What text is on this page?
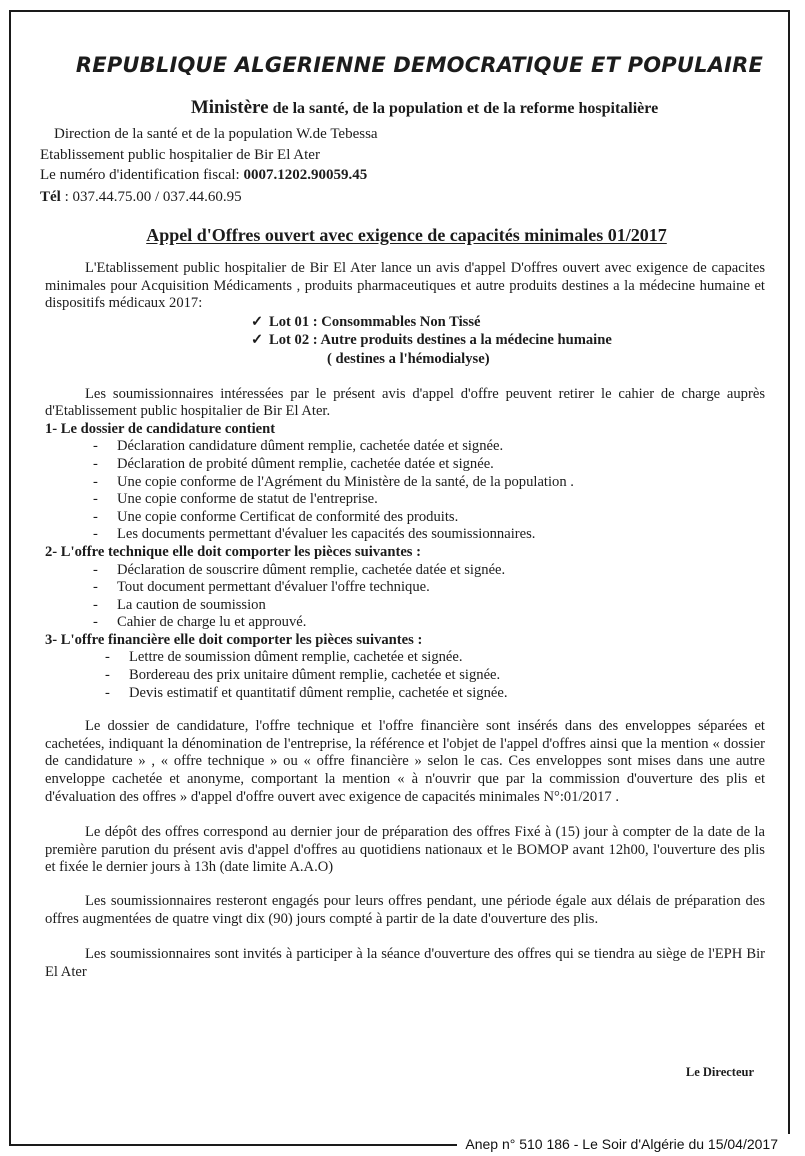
REPUBLIQUE ALGERIENNE DEMOCRATIQUE ET POPULAIRE
Ministère de la santé, de la population et de la reforme hospitalière
Direction de la santé et de la population W.de Tebessa
Etablissement public hospitalier de Bir El Ater
Le numéro d'identification fiscal: 0007.1202.90059.45
Tél : 037.44.75.00 / 037.44.60.95
Appel d'Offres ouvert avec exigence de capacités minimales 01/2017

L'Etablissement public hospitalier de Bir El Ater lance un avis d'appel D'offres ouvert avec exigence de capacites minimales pour Acquisition Médicaments , produits pharmaceutiques et autre produits destines a la médecine humaine et dispositifs médicaux 2017:

✓ Lot 01 : Consommables Non Tissé
✓ Lot 02 : Autre produits destines a la médecine humaine
( destines a l'hémodialyse)

Les soumissionnaires intéressées par le présent avis d'appel d'offre peuvent retirer le cahier de charge auprès d'Etablissement public hospitalier de Bir El Ater.

1- Le dossier de candidature contient
- Déclaration candidature dûment remplie, cachetée datée et signée.
- Déclaration de probité dûment remplie, cachetée datée et signée.
- Une copie conforme de l'Agrément du Ministère de la santé, de la population .
- Une copie conforme de statut de l'entreprise.
- Une copie conforme Certificat de conformité des produits.
- Les documents permettant d'évaluer les capacités des soumissionnaires.
2- L'offre technique elle doit comporter les pièces suivantes :
- Déclaration de souscrire dûment remplie, cachetée datée et signée.
- Tout document permettant d'évaluer l'offre technique.
- La caution de soumission
- Cahier de charge lu et approuvé.
3- L'offre financière elle doit comporter les pièces suivantes :
- Lettre de soumission dûment remplie, cachetée et signée.
- Bordereau des prix unitaire dûment remplie, cachetée et signée.
- Devis estimatif et quantitatif dûment remplie, cachetée et signée.

Le dossier de candidature, l'offre technique et l'offre financière sont insérés dans des enveloppes séparées et cachetées, indiquant la dénomination de l'entreprise, la référence et l'objet de l'appel d'offres ainsi que la mention « dossier de candidature » , « offre technique » ou « offre financière » selon le cas. Ces enveloppes sont mises dans une autre enveloppe cachetée et anonyme, comportant la mention « à n'ouvrir que par la commission d'ouverture des plis et d'évaluation des offres » d'appel d'offre ouvert avec exigence de capacités minimales N°:01/2017 .

Le dépôt des offres correspond au dernier jour de préparation des offres Fixé à (15) jour à compter de la date de la première parution du présent avis d'appel d'offres au quotidiens nationaux et le BOMOP avant 12h00, l'ouverture des plis et fixée le dernier jours à 13h (date limite A.A.O)

Les soumissionnaires resteront engagés pour leurs offres pendant, une période égale aux délais de préparation des offres augmentées de quatre vingt dix (90) jours compté à partir de la date d'ouverture des plis.

Les soumissionnaires sont invités à participer à la séance d'ouverture des offres qui se tiendra au siège de l'EPH Bir El Ater

Le Directeur
Anep n° 510 186 - Le Soir d'Algérie du 15/04/2017
